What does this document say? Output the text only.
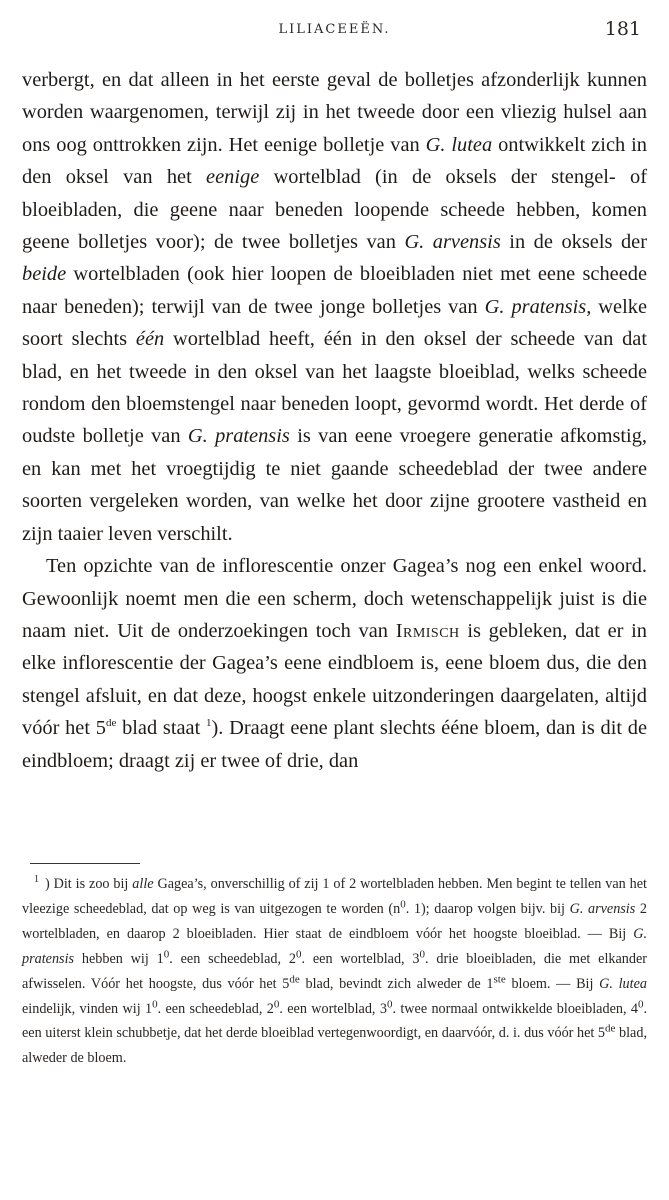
LILIACEEËN.	181

verbergt, en dat alleen in het eerste geval de bolletjes afzonderlijk kunnen worden waargenomen, terwijl zij in het tweede door een vliezig hulsel aan ons oog onttrokken zijn. Het eenige bolletje van G. lutea ontwikkelt zich in den oksel van het eenige wortelblad (in de oksels der stengel- of bloeibladen, die geene naar beneden loopende scheede hebben, komen geene bolletjes voor); de twee bolletjes van G. arvensis in de oksels der beide wortelbladen (ook hier loopen de bloeibladen niet met eene scheede naar beneden); terwijl van de twee jonge bolletjes van G. pratensis, welke soort slechts één wortelblad heeft, één in den oksel der scheede van dat blad, en het tweede in den oksel van het laagste bloeiblad, welks scheede rondom den bloemstengel naar beneden loopt, gevormd wordt. Het derde of oudste bolletje van G. pratensis is van eene vroegere generatie afkomstig, en kan met het vroegtijdig te niet gaande scheedeblad der twee andere soorten vergeleken worden, van welke het door zijne grootere vastheid en zijn taaier leven verschilt.

Ten opzichte van de inflorescentie onzer Gagea’s nog een enkel woord. Gewoonlijk noemt men die een scherm, doch wetenschappelijk juist is die naam niet. Uit de onderzoekingen toch van Irmisch is gebleken, dat er in elke inflorescentie der Gagea’s eene eindbloem is, eene bloem dus, die den stengel afsluit, en dat deze, hoogst enkele uitzonderingen daargelaten, altijd vóór het 5de blad staat $^1$). Draagt eene plant slechts ééne bloem, dan is dit de eindbloem; draagt zij er twee of drie, dan

$^1$ ) Dit is zoo bij alle Gagea’s, onverschillig of zij 1 of 2 wortelbladen hebben. Men begint te tellen van het vleezige scheedeblad, dat op weg is van uitgezogen te worden ($n^0$. 1); daarop volgen bijv. bij G. arvensis 2 wortelbladen, en daarop 2 bloeibladen. Hier staat de eindbloem vóór het hoogste bloeiblad. — Bij G. pratensis hebben wij $1^0$. een scheedeblad, $2^0$. een wortelblad, $3^0$. drie bloeibladen, die met elkander afwisselen. Vóór het hoogste, dus vóór het 5de blad, bevindt zich alweder de 1ste bloem. — Bij G. lutea eindelijk, vinden wij $1^0$. een scheedeblad, $2^0$. een wortelblad, $3^0$. twee normaal ontwikkelde bloeibladen, $4^0$. een uiterst klein schubbetje, dat het derde bloeiblad vertegenwoordigt, en daarvóór, d. i. dus vóór het 5de blad, alweder de bloem.
